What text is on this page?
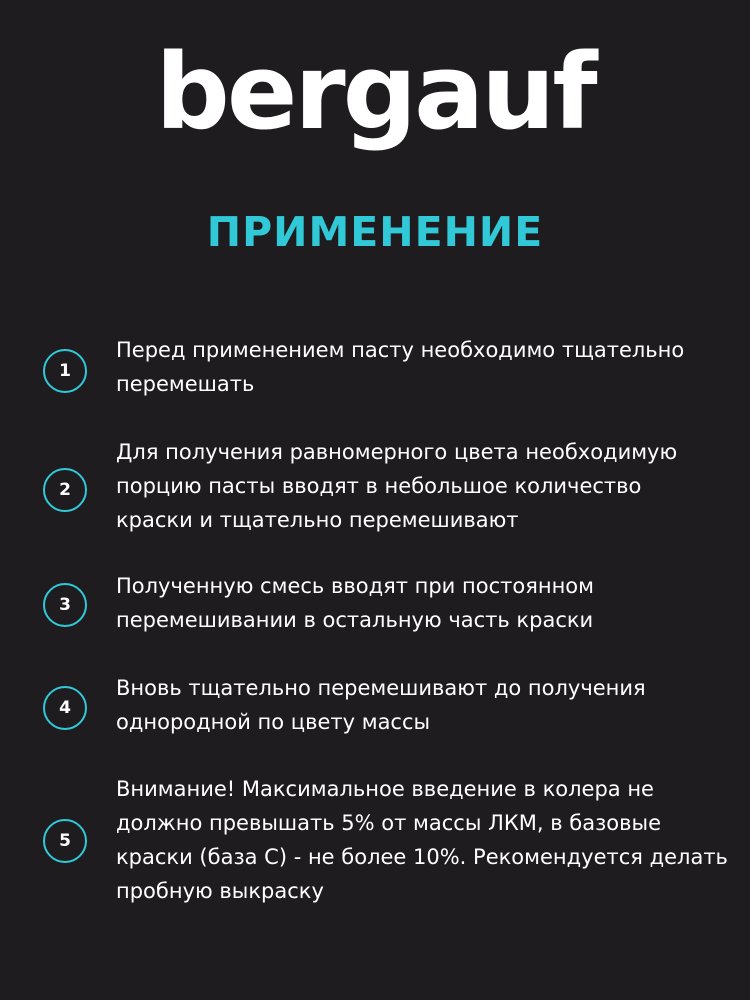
bergauf
ПРИМЕНЕНИЕ
1
Перед применением пасту необходимо тщательно
перемешать
2
Для получения равномерного цвета необходимую
порцию пасты вводят в небольшое количество
краски и тщательно перемешивают
3
Полученную смесь вводят при постоянном
перемешивании в остальную часть краски
4
Вновь тщательно перемешивают до получения
однородной по цвету массы
5
Внимание! Максимальное введение в колера не
должно превышать 5% от массы ЛКМ, в базовые
краски (база С) - не более 10%. Рекомендуется делать
пробную выкраску
